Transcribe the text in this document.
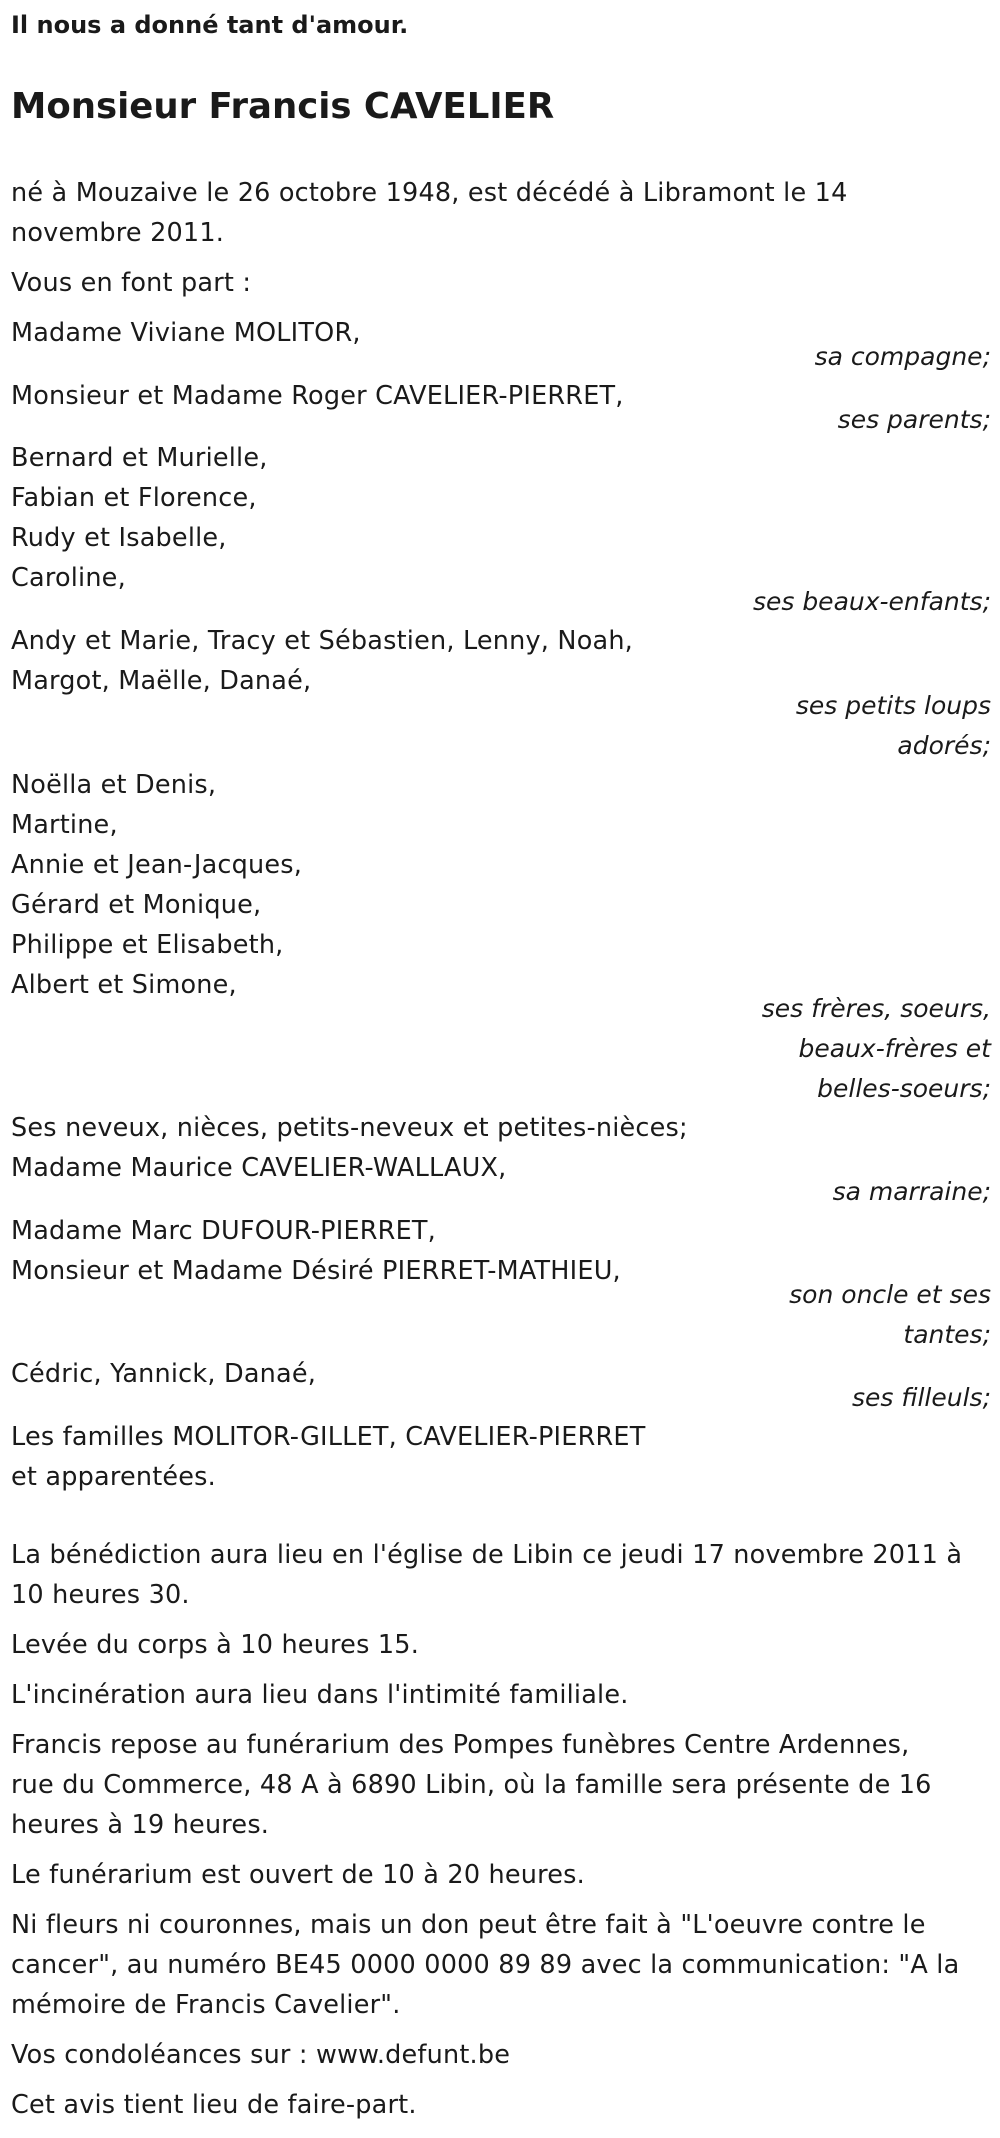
Il nous a donné tant d'amour.
Monsieur Francis CAVELIER
né à Mouzaive le 26 octobre 1948, est décédé à Libramont le 14
novembre 2011.
Vous en font part :
Madame Viviane MOLITOR,
sa compagne;
Monsieur et Madame Roger CAVELIER-PIERRET,
ses parents;
Bernard et Murielle,
Fabian et Florence,
Rudy et Isabelle,
Caroline,
ses beaux-enfants;
Andy et Marie, Tracy et Sébastien, Lenny, Noah,
Margot, Maëlle, Danaé,
ses petits loups
adorés;
Noëlla et Denis,
Martine,
Annie et Jean-Jacques,
Gérard et Monique,
Philippe et Elisabeth,
Albert et Simone,
ses frères, soeurs,
beaux-frères et
belles-soeurs;
Ses neveux, nièces, petits-neveux et petites-nièces;
Madame Maurice CAVELIER-WALLAUX,
sa marraine;
Madame Marc DUFOUR-PIERRET,
Monsieur et Madame Désiré PIERRET-MATHIEU,
son oncle et ses
tantes;
Cédric, Yannick, Danaé,
ses filleuls;
Les familles MOLITOR-GILLET, CAVELIER-PIERRET
et apparentées.
La bénédiction aura lieu en l'église de Libin ce jeudi 17 novembre 2011 à
10 heures 30.
Levée du corps à 10 heures 15.
L'incinération aura lieu dans l'intimité familiale.
Francis repose au funérarium des Pompes funèbres Centre Ardennes,
rue du Commerce, 48 A à 6890 Libin, où la famille sera présente de 16
heures à 19 heures.
Le funérarium est ouvert de 10 à 20 heures.
Ni fleurs ni couronnes, mais un don peut être fait à "L'oeuvre contre le
cancer", au numéro BE45 0000 0000 89 89 avec la communication: "A la
mémoire de Francis Cavelier".
Vos condoléances sur : www.defunt.be
Cet avis tient lieu de faire-part.
